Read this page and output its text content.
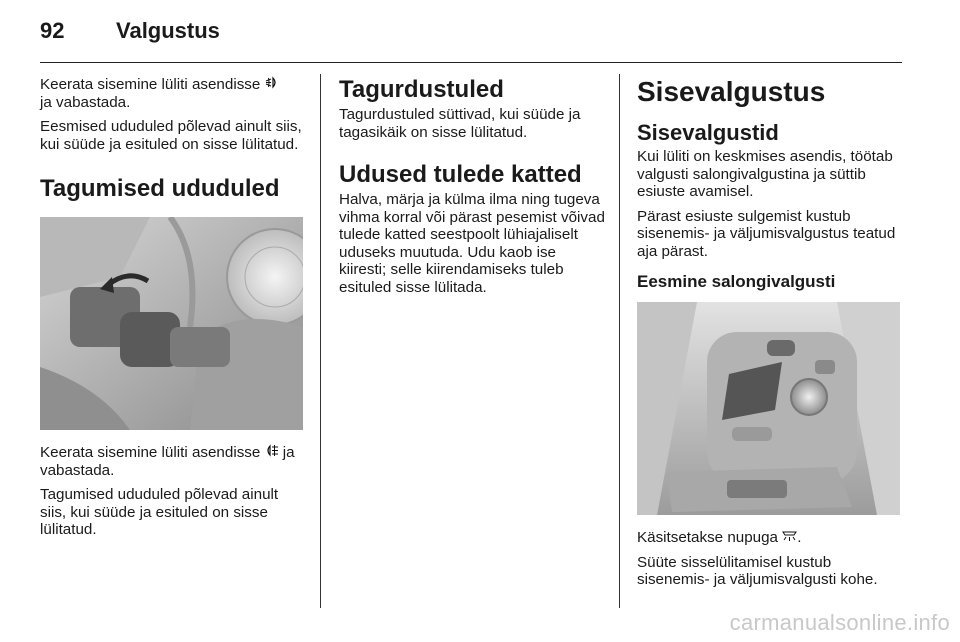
92 Valgustus

Keerata sisemine lüliti asendisse
ja vabastada.

Eesmised ududuled põlevad ainult siis, kui süüde ja esituled on sisse lülitatud.

Tagumised ududuled

Keerata sisemine lüliti asendisse  ja vabastada.

Tagumised ududuled põlevad ainult siis, kui süüde ja esituled on sisse lülitatud.

Tagurdustuled

Tagurdustuled süttivad, kui süüde ja tagasikäik on sisse lülitatud.

Udused tulede katted

Halva, märja ja külma ilma ning tugeva vihma korral või pärast pesemist võivad tulede katted seestpoolt lühiajaliselt uduseks muutuda. Udu kaob ise kiiresti; selle kiirendamiseks tuleb esituled sisse lülitada.

Sisevalgustus
Sisevalgustid

Kui lüliti on keskmises asendis, töötab valgusti salongivalgustina ja süttib esiuste avamisel.

Pärast esiuste sulgemist kustub sisenemis- ja väljumisvalgustus teatud aja pärast.

Eesmine salongivalgusti

Käsitsetakse nupuga .

Süüte sisselülitamisel kustub sisenemis- ja väljumisvalgusti kohe.

carmanualsonline.info
